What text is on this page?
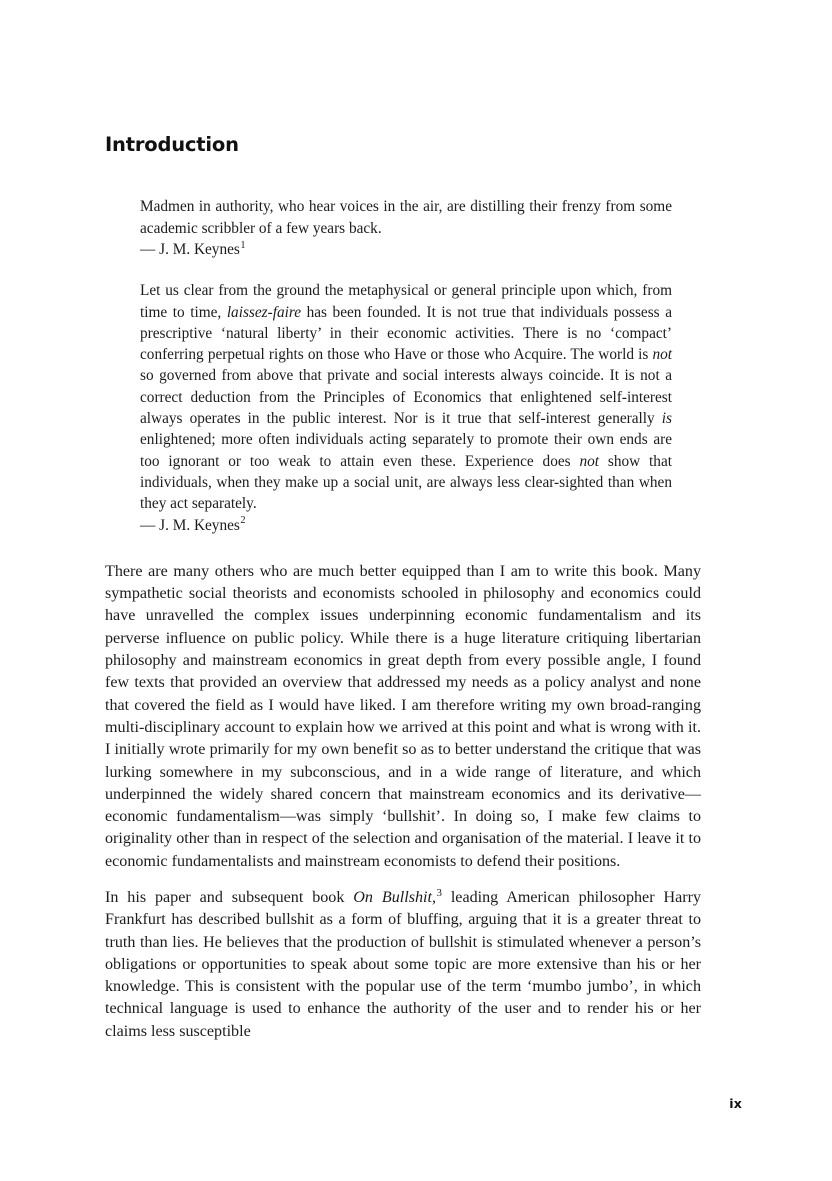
Introduction

Madmen in authority, who hear voices in the air, are distilling their frenzy from some academic scribbler of a few years back.

— J. M. Keynes$^1$

Let us clear from the ground the metaphysical or general principle upon which, from time to time, laissez-faire has been founded. It is not true that individuals possess a prescriptive ‘natural liberty’ in their economic activities. There is no ‘compact’ conferring perpetual rights on those who Have or those who Acquire. The world is not so governed from above that private and social interests always coincide. It is not a correct deduction from the Principles of Economics that enlightened self-interest always operates in the public interest. Nor is it true that self-interest generally is enlightened; more often individuals acting separately to promote their own ends are too ignorant or too weak to attain even these. Experience does not show that individuals, when they make up a social unit, are always less clear-sighted than when they act separately.

— J. M. Keynes$^2$

There are many others who are much better equipped than I am to write this book. Many sympathetic social theorists and economists schooled in philosophy and economics could have unravelled the complex issues underpinning economic fundamentalism and its perverse influence on public policy. While there is a huge literature critiquing libertarian philosophy and mainstream economics in great depth from every possible angle, I found few texts that provided an overview that addressed my needs as a policy analyst and none that covered the field as I would have liked. I am therefore writing my own broad-ranging multi-disciplinary account to explain how we arrived at this point and what is wrong with it. I initially wrote primarily for my own benefit so as to better understand the critique that was lurking somewhere in my subconscious, and in a wide range of literature, and which underpinned the widely shared concern that mainstream economics and its derivative—economic fundamentalism—was simply ‘bullshit’. In doing so, I make few claims to originality other than in respect of the selection and organisation of the material. I leave it to economic fundamentalists and mainstream economists to defend their positions.

In his paper and subsequent book On Bullshit,$^3$ leading American philosopher Harry Frankfurt has described bullshit as a form of bluffing, arguing that it is a greater threat to truth than lies. He believes that the production of bullshit is stimulated whenever a person’s obligations or opportunities to speak about some topic are more extensive than his or her knowledge. This is consistent with the popular use of the term ‘mumbo jumbo’, in which technical language is used to enhance the authority of the user and to render his or her claims less susceptible

ix
